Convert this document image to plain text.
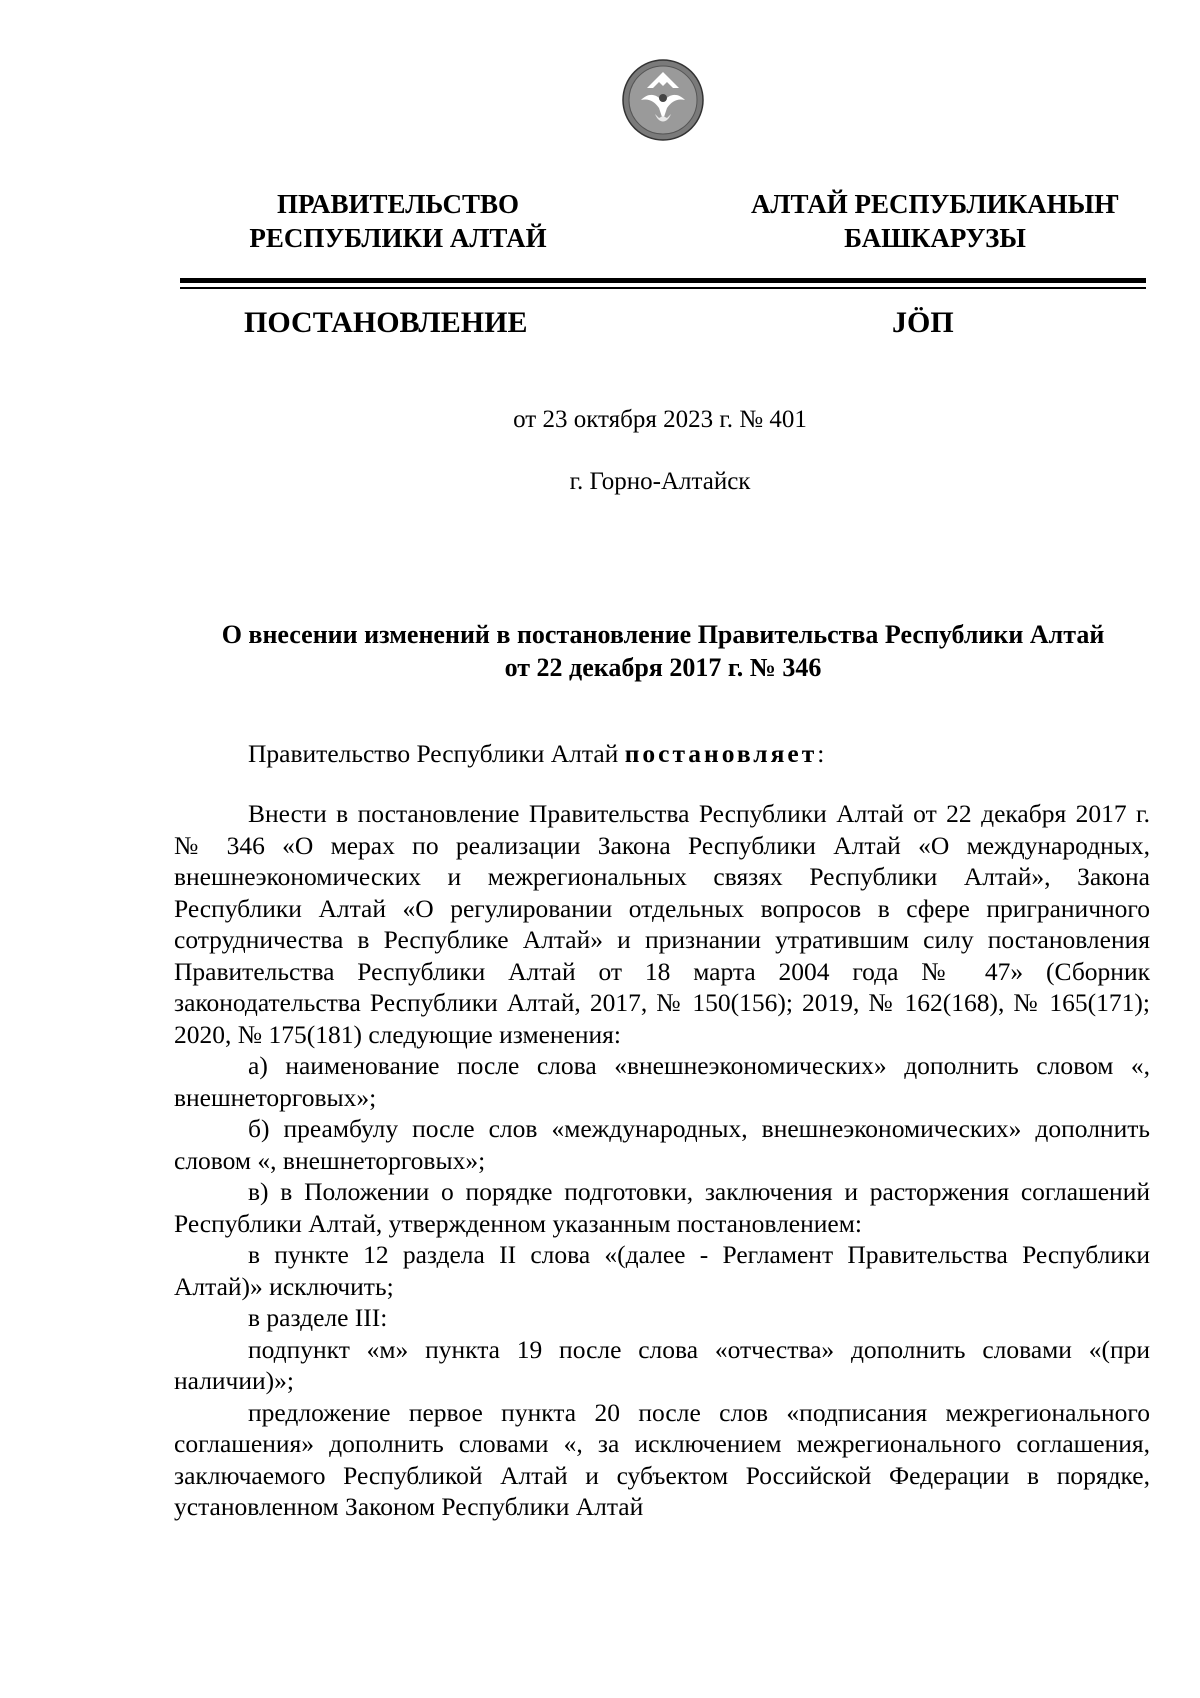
ПРАВИТЕЛЬСТВО
РЕСПУБЛИКИ АЛТАЙ
АЛТАЙ РЕСПУБЛИКАНЫҤ
БАШКАРУЗЫ
ПОСТАНОВЛЕНИЕ	JӦП
от 23 октября 2023 г. № 401
г. Горно-Алтайск
О внесении изменений в постановление Правительства Республики Алтай
от 22 декабря 2017 г. № 346

Правительство Республики Алтай постановляет:

Внести в постановление Правительства Республики Алтай от 22 декабря 2017 г. № 346 «О мерах по реализации Закона Республики Алтай «О международных, внешнеэкономических и межрегиональных связях Республики Алтай», Закона Республики Алтай «О регулировании отдельных вопросов в сфере приграничного сотрудничества в Республике Алтай» и признании утратившим силу постановления Правительства Республики Алтай от 18 марта 2004 года № 47» (Сборник законодательства Республики Алтай, 2017, № 150(156); 2019, № 162(168), № 165(171); 2020, № 175(181) следующие изменения:

а) наименование после слова «внешнеэкономических» дополнить словом «, внешнеторговых»;

б) преамбулу после слов «международных, внешнеэкономических» дополнить словом «, внешнеторговых»;

в) в Положении о порядке подготовки, заключения и расторжения соглашений Республики Алтай, утвержденном указанным постановлением:

в пункте 12 раздела II слова «(далее - Регламент Правительства Республики Алтай)» исключить;

в разделе III:

подпункт «м» пункта 19 после слова «отчества» дополнить словами «(при наличии)»;

предложение первое пункта 20 после слов «подписания межрегионального соглашения» дополнить словами «, за исключением межрегионального соглашения, заключаемого Республикой Алтай и субъектом Российской Федерации в порядке, установленном Законом Республики Алтай
